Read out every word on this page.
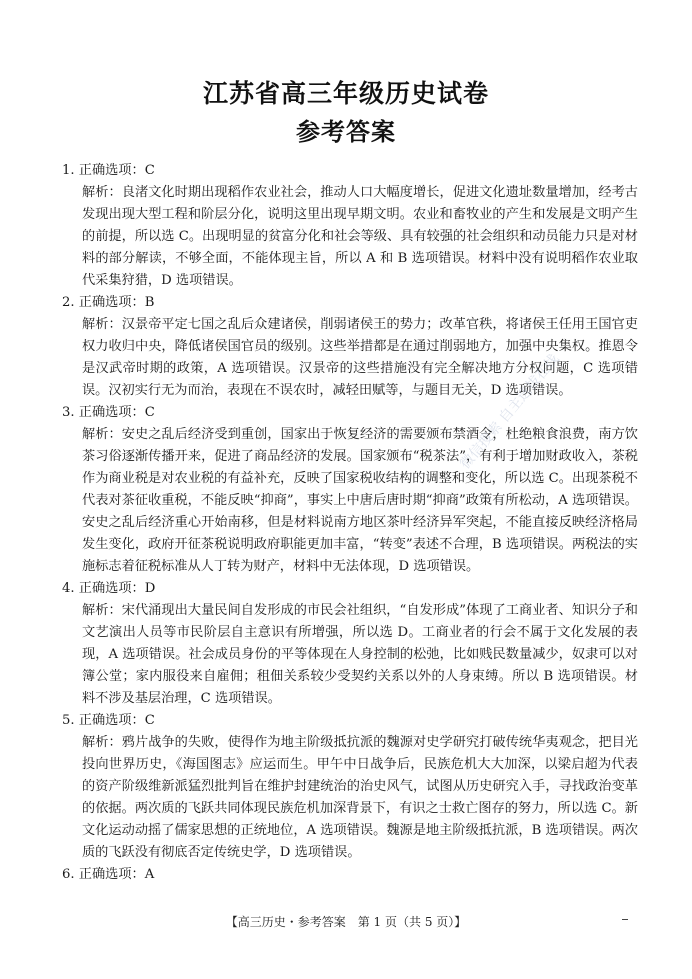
江苏省高三年级历史试卷
参考答案

1. 正确选项：C

解析：良渚文化时期出现稻作农业社会，推动人口大幅度增长，促进文化遗址数量增加，经考古发现出现大型工程和阶层分化，说明这里出现早期文明。农业和畜牧业的产生和发展是文明产生的前提，所以选 C。出现明显的贫富分化和社会等级、具有较强的社会组织和动员能力只是对材料的部分解读，不够全面，不能体现主旨，所以 A 和 B 选项错误。材料中没有说明稻作农业取代采集狩猎，D 选项错误。

2. 正确选项：B

解析：汉景帝平定七国之乱后众建诸侯，削弱诸侯王的势力；改革官秩，将诸侯王任用王国官吏权力收归中央，降低诸侯国官员的级别。这些举措都是在通过削弱地方，加强中央集权。推恩令是汉武帝时期的政策，A 选项错误。汉景帝的这些措施没有完全解决地方分权问题，C 选项错误。汉初实行无为而治，表现在不误农时，减轻田赋等，与题目无关，D 选项错误。

3. 正确选项：C

解析：安史之乱后经济受到重创，国家出于恢复经济的需要颁布禁酒令，杜绝粮食浪费，南方饮茶习俗逐渐传播开来，促进了商品经济的发展。国家颁布“税茶法”，有利于增加财政收入，茶税作为商业税是对农业税的有益补充，反映了国家税收结构的调整和变化，所以选 C。出现茶税不代表对茶征收重税，不能反映“抑商”，事实上中唐后唐时期“抑商”政策有所松动，A 选项错误。安史之乱后经济重心开始南移，但是材料说南方地区茶叶经济异军突起，不能直接反映经济格局发生变化，政府开征茶税说明政府职能更加丰富，“转变”表述不合理，B 选项错误。两税法的实施标志着征税标准从人丁转为财产，材料中无法体现，D 选项错误。

4. 正确选项：D

解析：宋代涌现出大量民间自发形成的市民会社组织，“自发形成”体现了工商业者、知识分子和文艺演出人员等市民阶层自主意识有所增强，所以选 D。工商业者的行会不属于文化发展的表现，A 选项错误。社会成员身份的平等体现在人身控制的松弛，比如贱民数量减少，奴隶可以对簿公堂；家内服役来自雇佣；租佃关系较少受契约关系以外的人身束缚。所以 B 选项错误。材料不涉及基层治理，C 选项错误。

5. 正确选项：C

解析：鸦片战争的失败，使得作为地主阶级抵抗派的魏源对史学研究打破传统华夷观念，把目光投向世界历史，《海国图志》应运而生。甲午中日战争后，民族危机大大加深，以梁启超为代表的资产阶级维新派猛烈批判旨在维护封建统治的治史风气，试图从历史研究入手，寻找政治变革的依据。两次质的飞跃共同体现民族危机加深背景下，有识之士救亡图存的努力，所以选 C。新文化运动动摇了儒家思想的正统地位，A 选项错误。魏源是地主阶级抵抗派，B 选项错误。两次质的飞跃没有彻底否定传统史学，D 选项错误。

6. 正确选项：A

微信搜索 自主选拔在线
【高三历史・参考答案　第 1 页（共 5 页）】
